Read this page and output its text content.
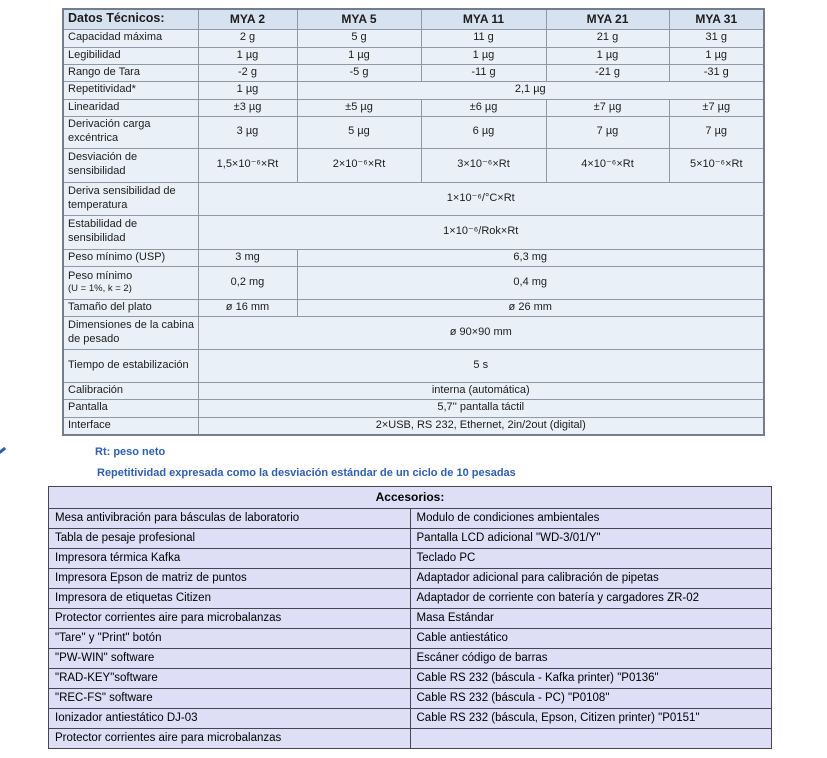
Datos Técnicos:	MYA 2	MYA 5	MYA 11	MYA 21	MYA 31
Capacidad máxima	2 g	5 g	11 g	21 g	31 g
Legibilidad	1 µg	1 µg	1 µg	1 µg	1 µg
Rango de Tara	-2 g	-5 g	-11 g	-21 g	-31 g
Repetitividad*	1 µg	2,1 µg			
Linearidad	±3 µg	±5 µg	±6 µg	±7 µg	±7 µg
Derivación carga excéntrica	3 µg	5 µg	6 µg	7 µg	7 µg
Desviación de sensibilidad	1,5×10⁻⁶×Rt	2×10⁻⁶×Rt	3×10⁻⁶×Rt	4×10⁻⁶×Rt	5×10⁻⁶×Rt
Deriva sensibilidad de temperatura	1×10⁻⁶/°C×Rt				
Estabilidad de sensibilidad	1×10⁻⁶/Rok×Rt				
Peso mínimo (USP)	3 mg	6,3 mg			
Peso mínimo
(U = 1%, k = 2)	0,2 mg	0,4 mg			
Tamaño del plato	ø 16 mm	ø 26 mm			
Dimensiones de la cabina de pesado	ø 90×90 mm				
Tiempo de estabilización	5 s				
Calibración	interna (automática)				
Pantalla	5,7'' pantalla táctil				
Interface	2×USB, RS 232, Ethernet, 2in/2out (digital)				
Rt: peso neto
Repetitividad expresada como la desviación estándar de un ciclo de 10 pesadas
Accesorios:	
Mesa antivibración para básculas de laboratorio	Modulo de condiciones ambientales
Tabla de pesaje profesional	Pantalla LCD adicional "WD-3/01/Y"
Impresora térmica Kafka	Teclado PC
Impresora Epson de matriz de puntos	Adaptador adicional para calibración de pipetas
Impresora de etiquetas Citizen	Adaptador de corriente con batería y cargadores ZR-02
Protector corrientes aire para microbalanzas	Masa Estándar
"Tare" y "Print" botón	Cable antiestático
"PW-WIN" software	Escáner código de barras
"RAD-KEY"software	Cable RS 232 (báscula - Kafka printer) "P0136"
"REC-FS" software	Cable RS 232 (báscula - PC) "P0108"
Ionizador antiestático DJ-03	Cable RS 232 (báscula, Epson, Citizen printer) "P0151"
Protector corrientes aire para microbalanzas	
